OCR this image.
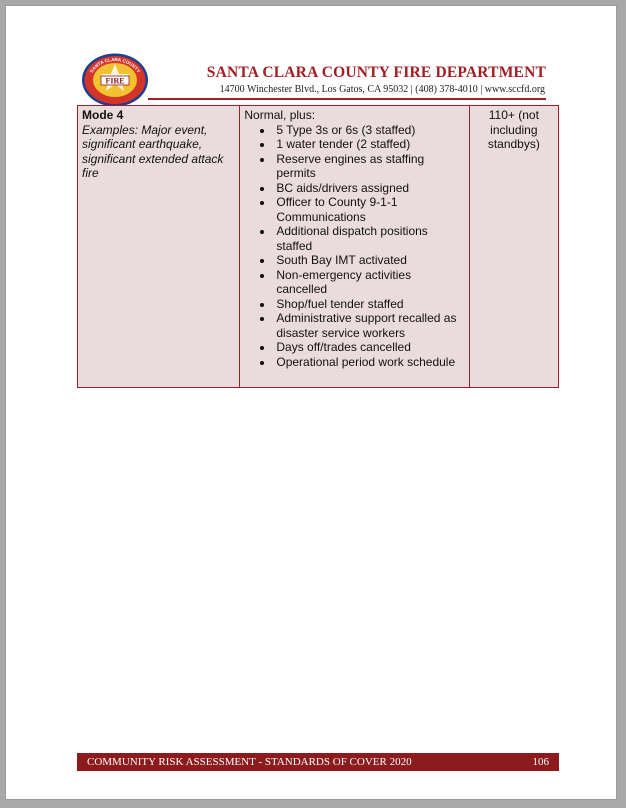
FIRE
SANTA CLARA COUNTY	SANTA CLARA COUNTY FIRE DEPARTMENT
14700 Winchester Blvd., Los Gatos, CA 95032 | (408) 378-4010 | www.sccfd.org
Mode 4
Examples: Major event, significant earthquake, significant extended attack fire

Normal, plus:
• 5 Type 3s or 6s (3 staffed)
• 1 water tender (2 staffed)
• Reserve engines as staffing permits
• BC aids/drivers assigned
• Officer to County 9-1-1 Communications
• Additional dispatch positions staffed
• South Bay IMT activated
• Non-emergency activities cancelled
• Shop/fuel tender staffed
• Administrative support recalled as disaster service workers
• Days off/trades cancelled
• Operational period work schedule

110+ (not including standbys)
COMMUNITY RISK ASSESSMENT - STANDARDS OF COVER 2020	106
